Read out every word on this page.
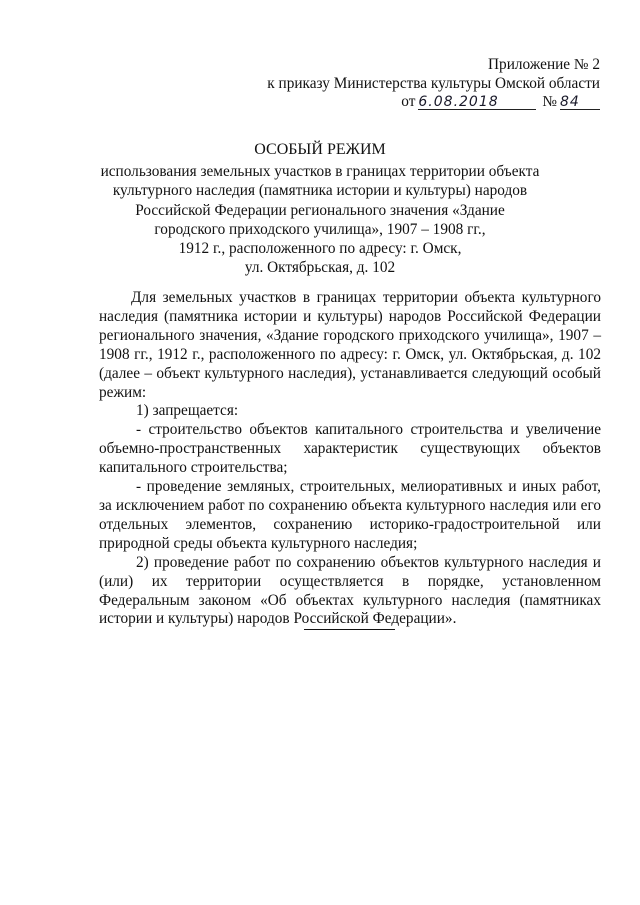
Приложение № 2
к приказу Министерства культуры Омской области
от 6.08.2018	№ 84
ОСОБЫЙ РЕЖИМ
использования земельных участков в границах территории объекта
культурного наследия (памятника истории и культуры) народов
Российской Федерации регионального значения «Здание
городского приходского училища», 1907 – 1908 гг.,
1912 г., расположенного по адресу: г. Омск,
ул. Октябрьская, д. 102

Для земельных участков в границах территории объекта культурного наследия (памятника истории и культуры) народов Российской Федерации регионального значения, «Здание городского приходского училища», 1907 – 1908 гг., 1912 г., расположенного по адресу: г. Омск, ул. Октябрьская, д. 102 (далее – объект культурного наследия), устанавливается следующий особый режим:

1) запрещается:

- строительство объектов капитального строительства и увеличение объемно-пространственных характеристик существующих объектов капитального строительства;

- проведение земляных, строительных, мелиоративных и иных работ, за исключением работ по сохранению объекта культурного наследия или его отдельных элементов, сохранению историко-градостроительной или природной среды объекта культурного наследия;

2) проведение работ по сохранению объектов культурного наследия и (или) их территории осуществляется в порядке, установленном Федеральным законом «Об объектах культурного наследия (памятниках истории и культуры) народов Российской Федерации».
